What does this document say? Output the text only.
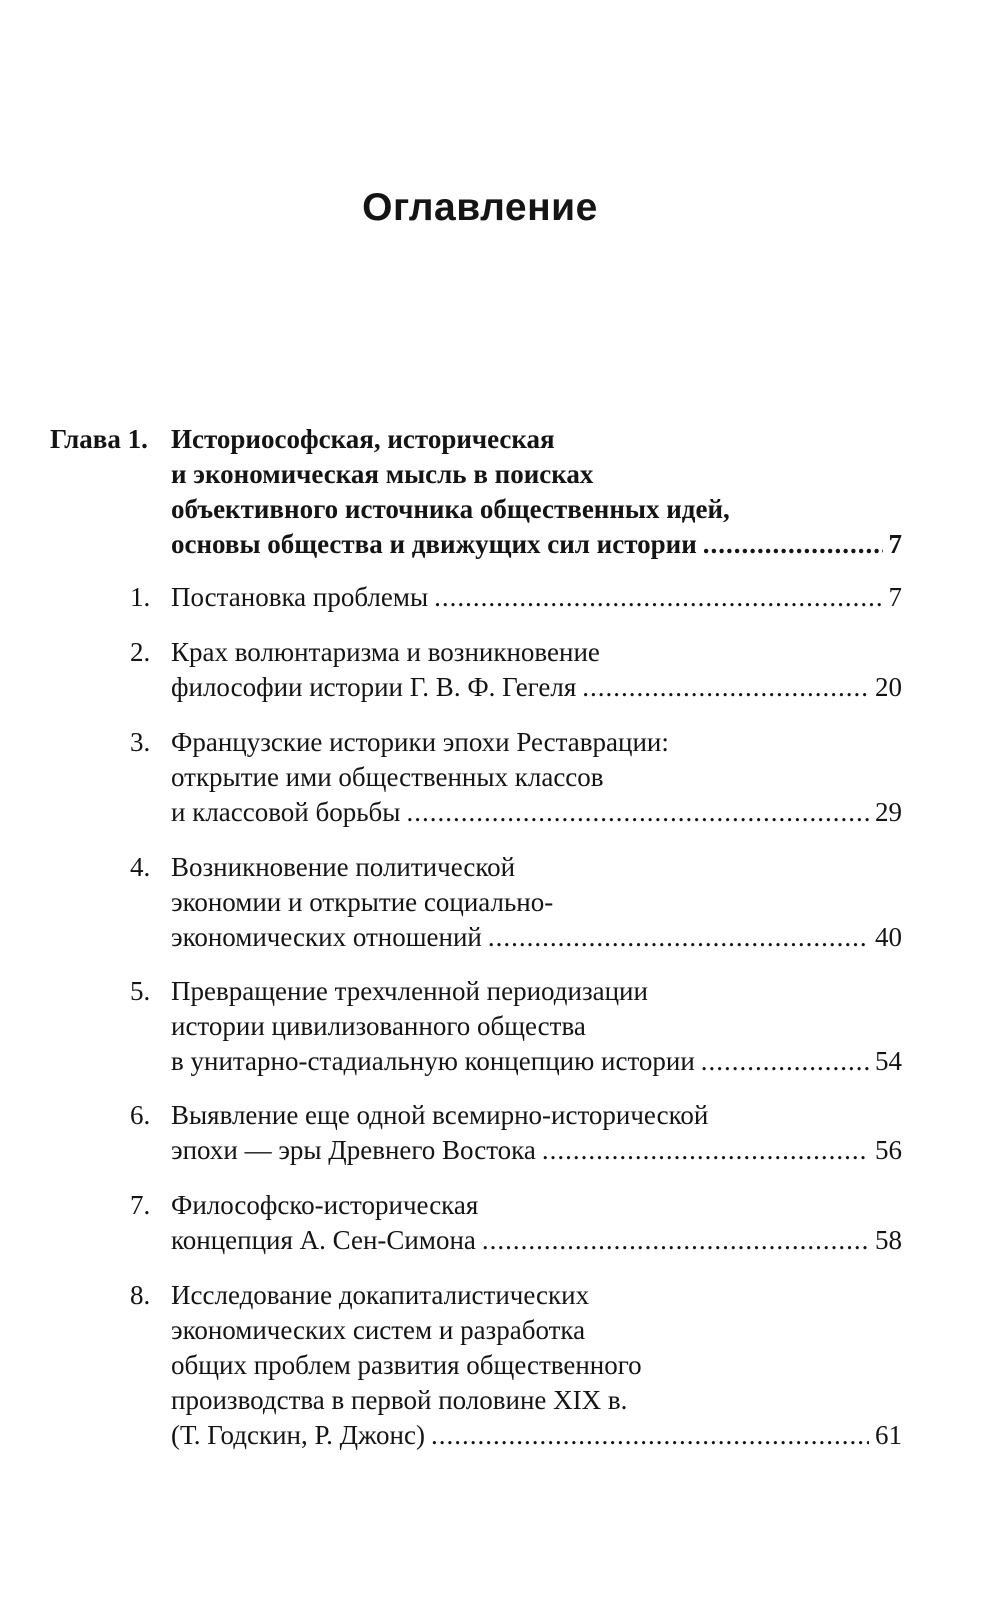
Оглавление
Глава 1. Историософская, историческая
и экономическая мысль в поисках
объективного источника общественных идей,
основы общества и движущих сил истории .....	7
1. Постановка проблемы .....	7
2. Крах волюнтаризма и возникновение
философии истории Г. В. Ф. Гегеля .....	20
3. Французские историки эпохи Реставрации:
открытие ими общественных классов
и классовой борьбы .....	29
4. Возникновение политической
экономии и открытие социально-
экономических отношений .....	40
5. Превращение трехчленной периодизации
истории цивилизованного общества
в унитарно-стадиальную концепцию истории .....	54
6. Выявление еще одной всемирно-исторической
эпохи — эры Древнего Востока .....	56
7. Философско-историческая
концепция А. Сен-Симона .....	58
8. Исследование докапиталистических
экономических систем и разработка
общих проблем развития общественного
производства в первой половине XIX в.
(Т. Годскин, Р. Джонс) .....	61
